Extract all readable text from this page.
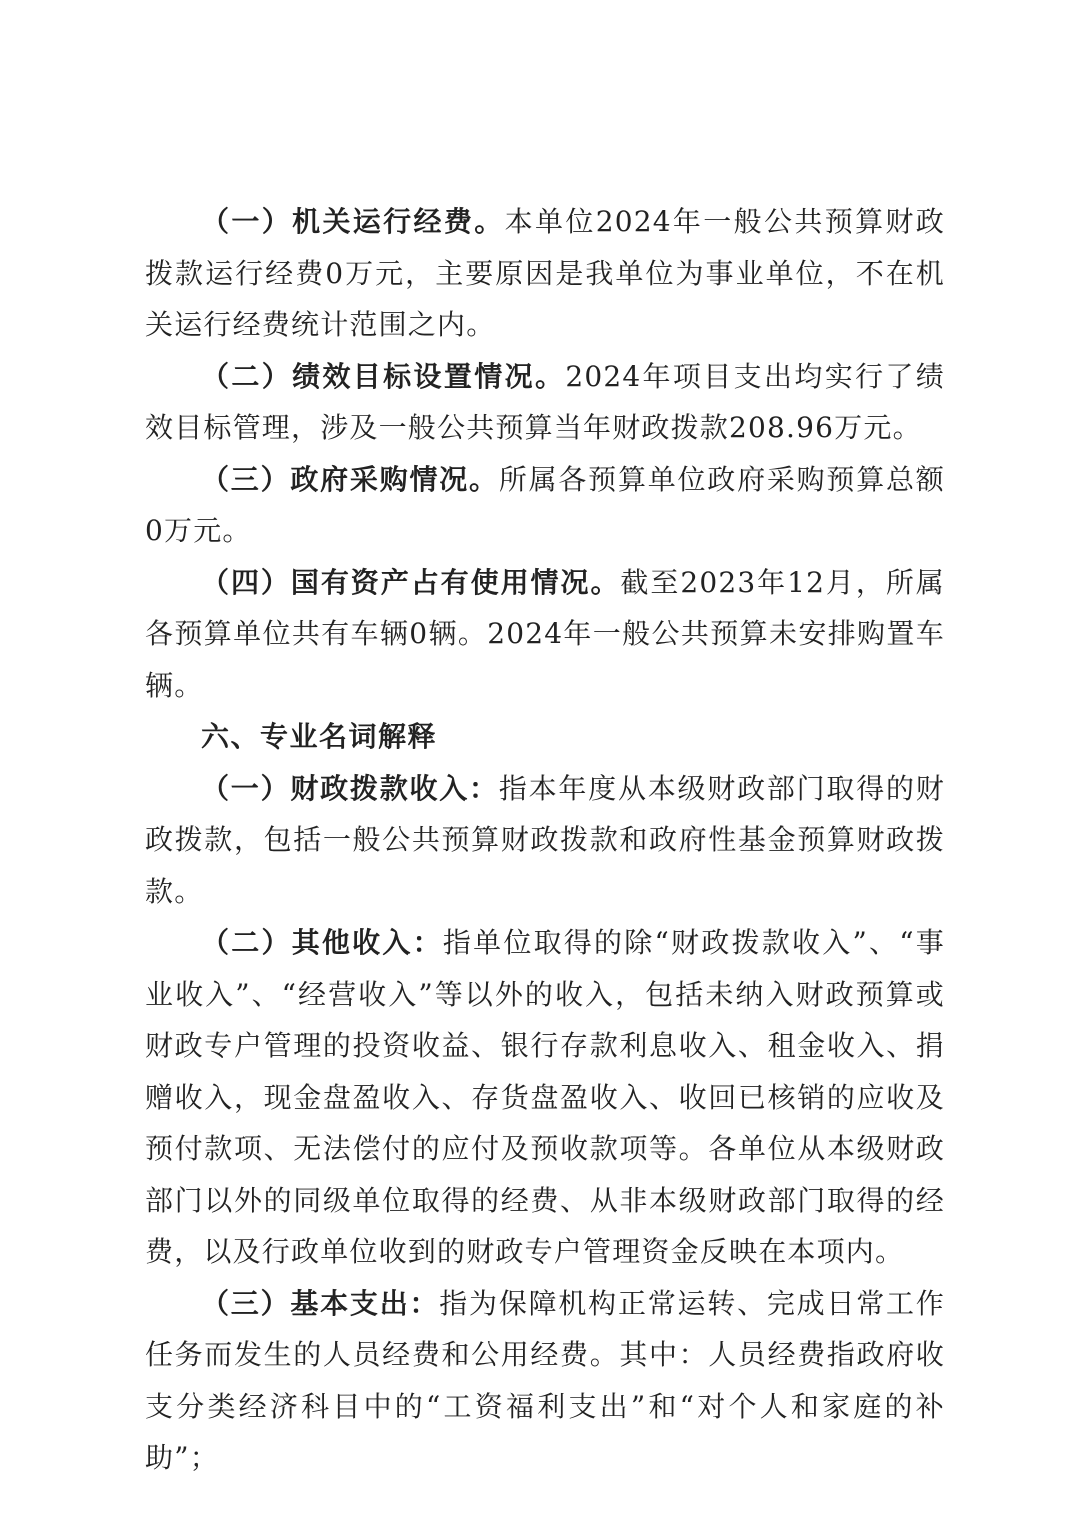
（一）机关运行经费。本单位2024年一般公共预算财政拨款运行经费0万元，主要原因是我单位为事业单位，不在机关运行经费统计范围之内。

（二）绩效目标设置情况。2024年项目支出均实行了绩效目标管理，涉及一般公共预算当年财政拨款208.96万元。

（三）政府采购情况。所属各预算单位政府采购预算总额0万元。

（四）国有资产占有使用情况。截至2023年12月，所属各预算单位共有车辆0辆。2024年一般公共预算未安排购置车辆。

六、专业名词解释

（一）财政拨款收入：指本年度从本级财政部门取得的财政拨款，包括一般公共预算财政拨款和政府性基金预算财政拨款。

（二）其他收入：指单位取得的除“财政拨款收入”、“事业收入”、“经营收入”等以外的收入，包括未纳入财政预算或财政专户管理的投资收益、银行存款利息收入、租金收入、捐赠收入，现金盘盈收入、存货盘盈收入、收回已核销的应收及预付款项、无法偿付的应付及预收款项等。各单位从本级财政部门以外的同级单位取得的经费、从非本级财政部门取得的经费，以及行政单位收到的财政专户管理资金反映在本项内。

（三）基本支出：指为保障机构正常运转、完成日常工作任务而发生的人员经费和公用经费。其中：人员经费指政府收支分类经济科目中的“工资福利支出”和“对个人和家庭的补助”；
